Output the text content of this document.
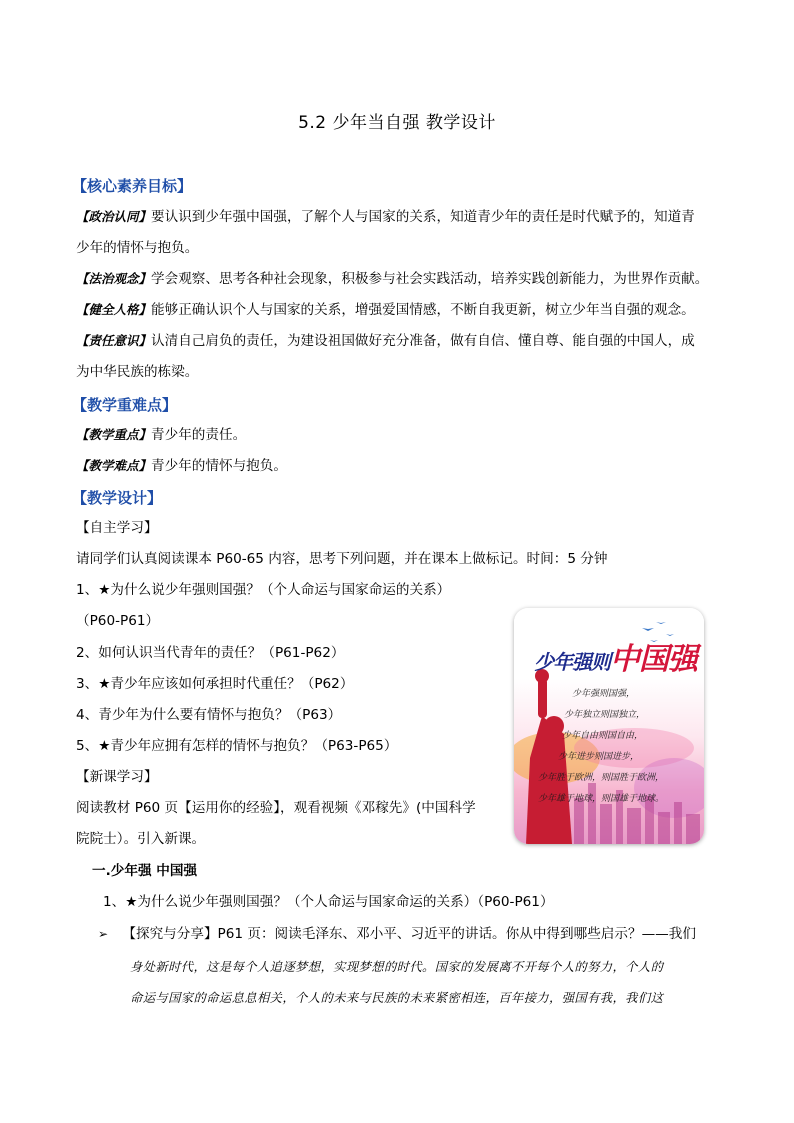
5.2 少年当自强 教学设计
【核心素养目标】
【政治认同】要认识到少年强中国强，了解个人与国家的关系，知道青少年的责任是时代赋予的，知道青
少年的情怀与抱负。
【法治观念】学会观察、思考各种社会现象，积极参与社会实践活动，培养实践创新能力，为世界作贡献。
【健全人格】能够正确认识个人与国家的关系，增强爱国情感，不断自我更新，树立少年当自强的观念。
【责任意识】认清自己肩负的责任，为建设祖国做好充分准备，做有自信、懂自尊、能自强的中国人，成
为中华民族的栋梁。
【教学重难点】
【教学重点】青少年的责任。
【教学难点】青少年的情怀与抱负。
【教学设计】
【自主学习】
请同学们认真阅读课本 P60-65 内容，思考下列问题，并在课本上做标记。时间：5 分钟
1、★为什么说少年强则国强？（个人命运与国家命运的关系）
（P60-P61）
2、如何认识当代青年的责任？（P61-P62）
3、★青少年应该如何承担时代重任？（P62）
4、青少年为什么要有情怀与抱负？（P63）
5、★青少年应拥有怎样的情怀与抱负？（P63-P65）
【新课学习】
阅读教材 P60 页【运用你的经验】，观看视频《邓稼先》(中国科学
院院士）。引入新课。
一.少年强 中国强
1、★为什么说少年强则国强？（个人命运与国家命运的关系）（P60-P61）
➢ 【探究与分享】P61 页：阅读毛泽东、邓小平、习近平的讲话。你从中得到哪些启示？——我们
身处新时代，这是每个人追逐梦想，实现梦想的时代。国家的发展离不开每个人的努力，个人的
命运与国家的命运息息相关，个人的未来与民族的未来紧密相连，百年接力，强国有我，我们这
少年强则中国强
少年强则国强，
少年独立则国独立，
少年自由则国自由，
少年进步则国进步，
少年胜于欧洲，则国胜于欧洲，
少年雄于地球，则国雄于地球。
